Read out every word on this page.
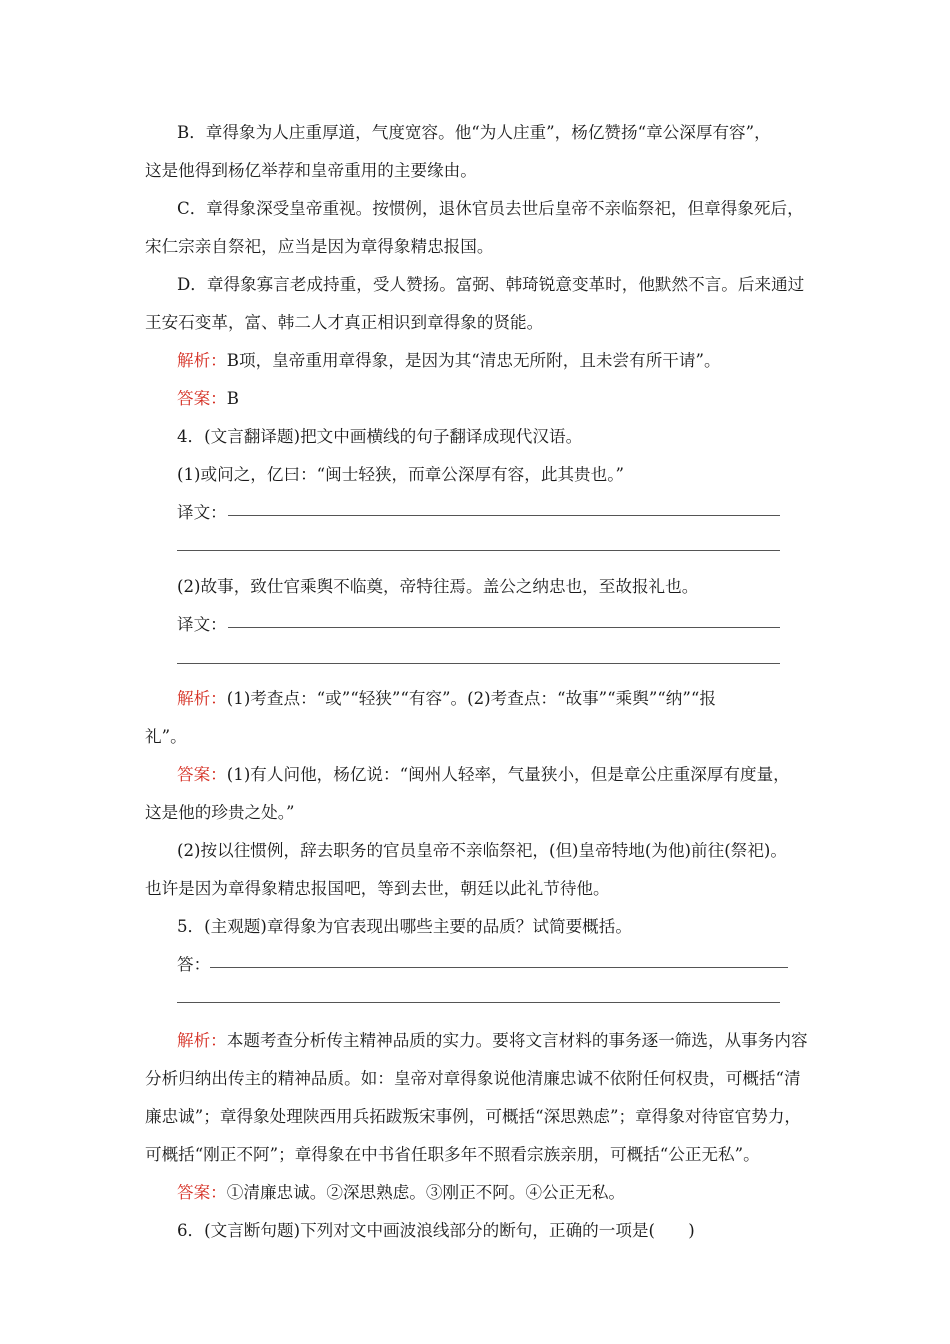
B．章得象为人庄重厚道，气度宽容。他“为人庄重”，杨亿赞扬“章公深厚有容”，
这是他得到杨亿举荐和皇帝重用的主要缘由。
C．章得象深受皇帝重视。按惯例，退休官员去世后皇帝不亲临祭祀，但章得象死后，
宋仁宗亲自祭祀，应当是因为章得象精忠报国。
D．章得象寡言老成持重，受人赞扬。富弼、韩琦锐意变革时，他默然不言。后来通过
王安石变革，富、韩二人才真正相识到章得象的贤能。
解析：B项，皇帝重用章得象，是因为其“清忠无所附，且未尝有所干请”。
答案：B
4．(文言翻译题)把文中画横线的句子翻译成现代汉语。
(1)或问之，亿曰：“闽士轻狭，而章公深厚有容，此其贵也。”
译文：
(2)故事，致仕官乘舆不临奠，帝特往焉。盖公之纳忠也，至故报礼也。
译文：
解析：(1)考查点：“或”“轻狭”“有容”。(2)考查点：“故事”“乘舆”“纳”“报
礼”。
答案：(1)有人问他，杨亿说：“闽州人轻率，气量狭小，但是章公庄重深厚有度量，
这是他的珍贵之处。”
(2)按以往惯例，辞去职务的官员皇帝不亲临祭祀，(但)皇帝特地(为他)前往(祭祀)。
也许是因为章得象精忠报国吧，等到去世，朝廷以此礼节待他。
5．(主观题)章得象为官表现出哪些主要的品质？试简要概括。
答：
解析：本题考查分析传主精神品质的实力。要将文言材料的事务逐一筛选，从事务内容
分析归纳出传主的精神品质。如：皇帝对章得象说他清廉忠诚不依附任何权贵，可概括“清
廉忠诚”；章得象处理陕西用兵拓跋叛宋事例，可概括“深思熟虑”；章得象对待宦官势力，
可概括“刚正不阿”；章得象在中书省任职多年不照看宗族亲朋，可概括“公正无私”。
答案：①清廉忠诚。②深思熟虑。③刚正不阿。④公正无私。
6．(文言断句题)下列对文中画波浪线部分的断句，正确的一项是(　　)
